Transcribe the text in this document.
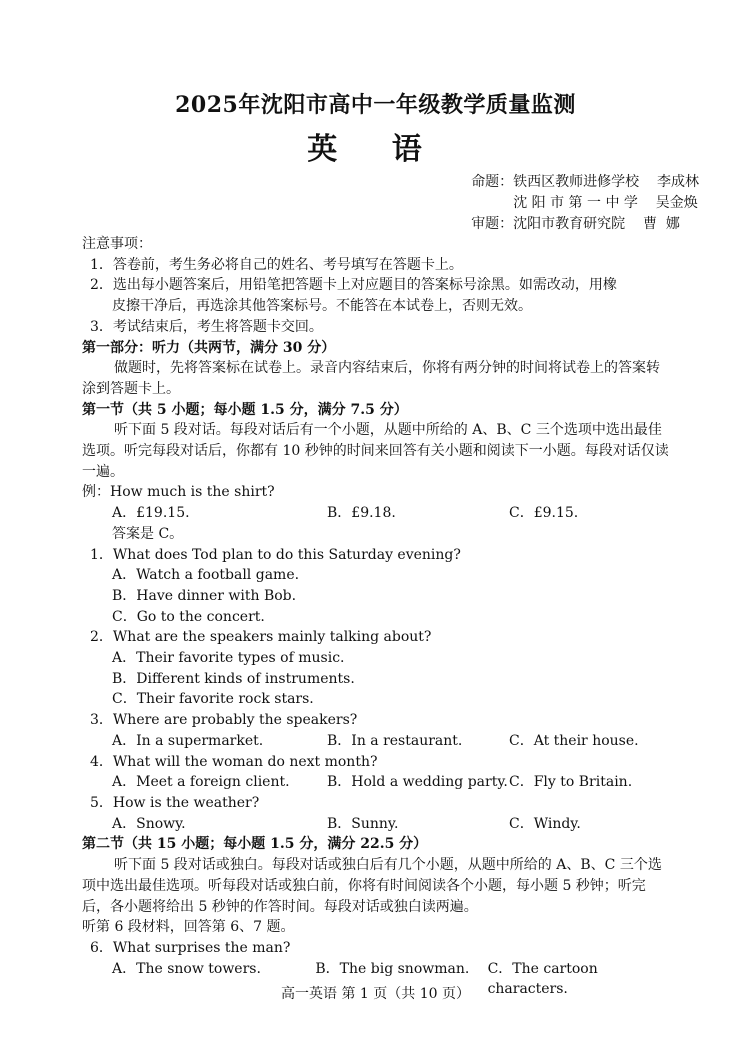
2025年沈阳市高中一年级教学质量监测
英 语
命题：铁西区教师进修学校    李成林
沈 阳 市 第 一 中 学    吴金焕
审题：沈阳市教育研究院    曹  娜
注意事项：
1．答卷前，考生务必将自己的姓名、考号填写在答题卡上。
2．选出每小题答案后，用铅笔把答题卡上对应题目的答案标号涂黑。如需改动，用橡
皮擦干净后，再选涂其他答案标号。不能答在本试卷上，否则无效。
3．考试结束后，考生将答题卡交回。
第一部分：听力（共两节，满分 30 分）
做题时，先将答案标在试卷上。录音内容结束后，你将有两分钟的时间将试卷上的答案转涂到答题卡上。
第一节（共 5 小题；每小题 1.5 分，满分 7.5 分）
听下面 5 段对话。每段对话后有一个小题，从题中所给的 A、B、C 三个选项中选出最佳选项。听完每段对话后，你都有 10 秒钟的时间来回答有关小题和阅读下一小题。每段对话仅读一遍。
例：How much is the shirt?
A．£19.15.	B．£9.18.	C．£9.15.
答案是 C。
1．What does Tod plan to do this Saturday evening?
A．Watch a football game.
B．Have dinner with Bob.
C．Go to the concert.
2．What are the speakers mainly talking about?
A．Their favorite types of music.
B．Different kinds of instruments.
C．Their favorite rock stars.
3．Where are probably the speakers?
A．In a supermarket.	B．In a restaurant.	C．At their house.
4．What will the woman do next month?
A．Meet a foreign client.	B．Hold a wedding party. C．Fly to Britain.
5．How is the weather?
A．Snowy.	B．Sunny.	C．Windy.
第二节（共 15 小题；每小题 1.5 分，满分 22.5 分）
听下面 5 段对话或独白。每段对话或独白后有几个小题，从题中所给的 A、B、C 三个选项中选出最佳选项。听每段对话或独白前，你将有时间阅读各个小题，每小题 5 秒钟；听完后，各小题将给出 5 秒钟的作答时间。每段对话或独白读两遍。
听第 6 段材料，回答第 6、7 题。
6．What surprises the man?
A．The snow towers.	B．The big snowman.	C．The cartoon characters.
高一英语 第 1 页（共 10 页）
